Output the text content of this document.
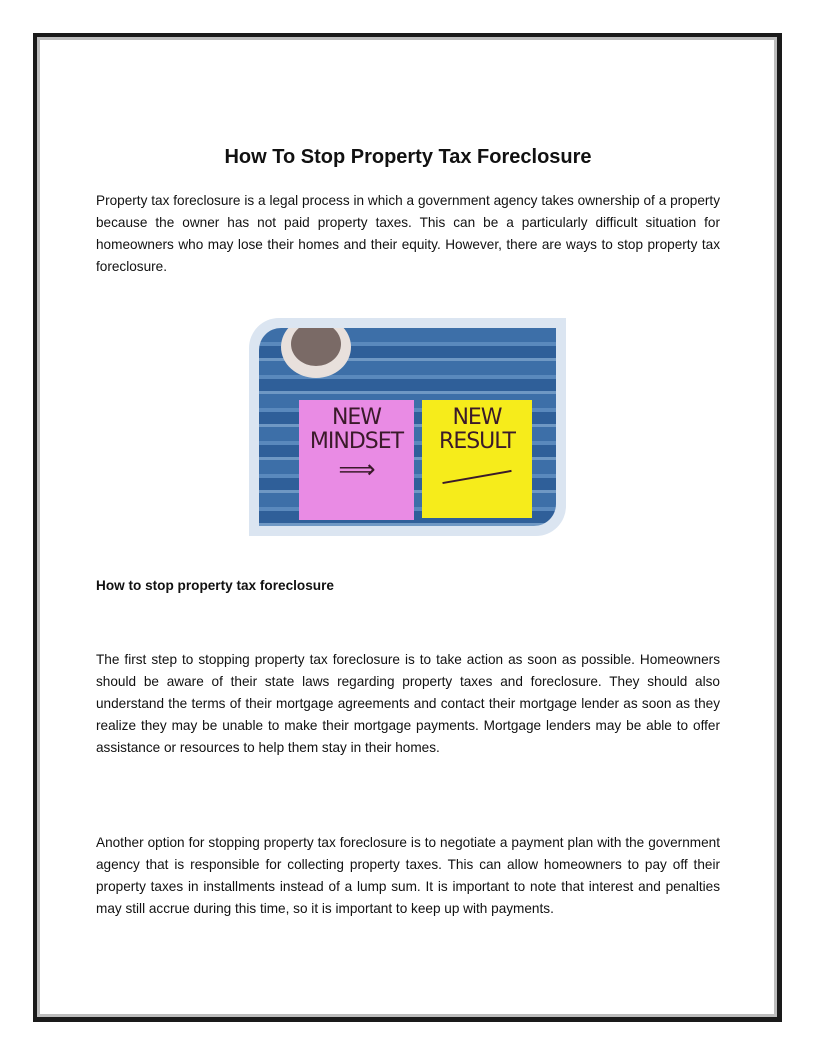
How To Stop Property Tax Foreclosure

Property tax foreclosure is a legal process in which a government agency takes ownership of a property because the owner has not paid property taxes. This can be a particularly difficult situation for homeowners who may lose their homes and their equity. However, there are ways to stop property tax foreclosure.

NEW MINDSET
⟹
NEW RESULT

How to stop property tax foreclosure

The first step to stopping property tax foreclosure is to take action as soon as possible. Homeowners should be aware of their state laws regarding property taxes and foreclosure. They should also understand the terms of their mortgage agreements and contact their mortgage lender as soon as they realize they may be unable to make their mortgage payments. Mortgage lenders may be able to offer assistance or resources to help them stay in their homes.

Another option for stopping property tax foreclosure is to negotiate a payment plan with the government agency that is responsible for collecting property taxes. This can allow homeowners to pay off their property taxes in installments instead of a lump sum. It is important to note that interest and penalties may still accrue during this time, so it is important to keep up with payments.
